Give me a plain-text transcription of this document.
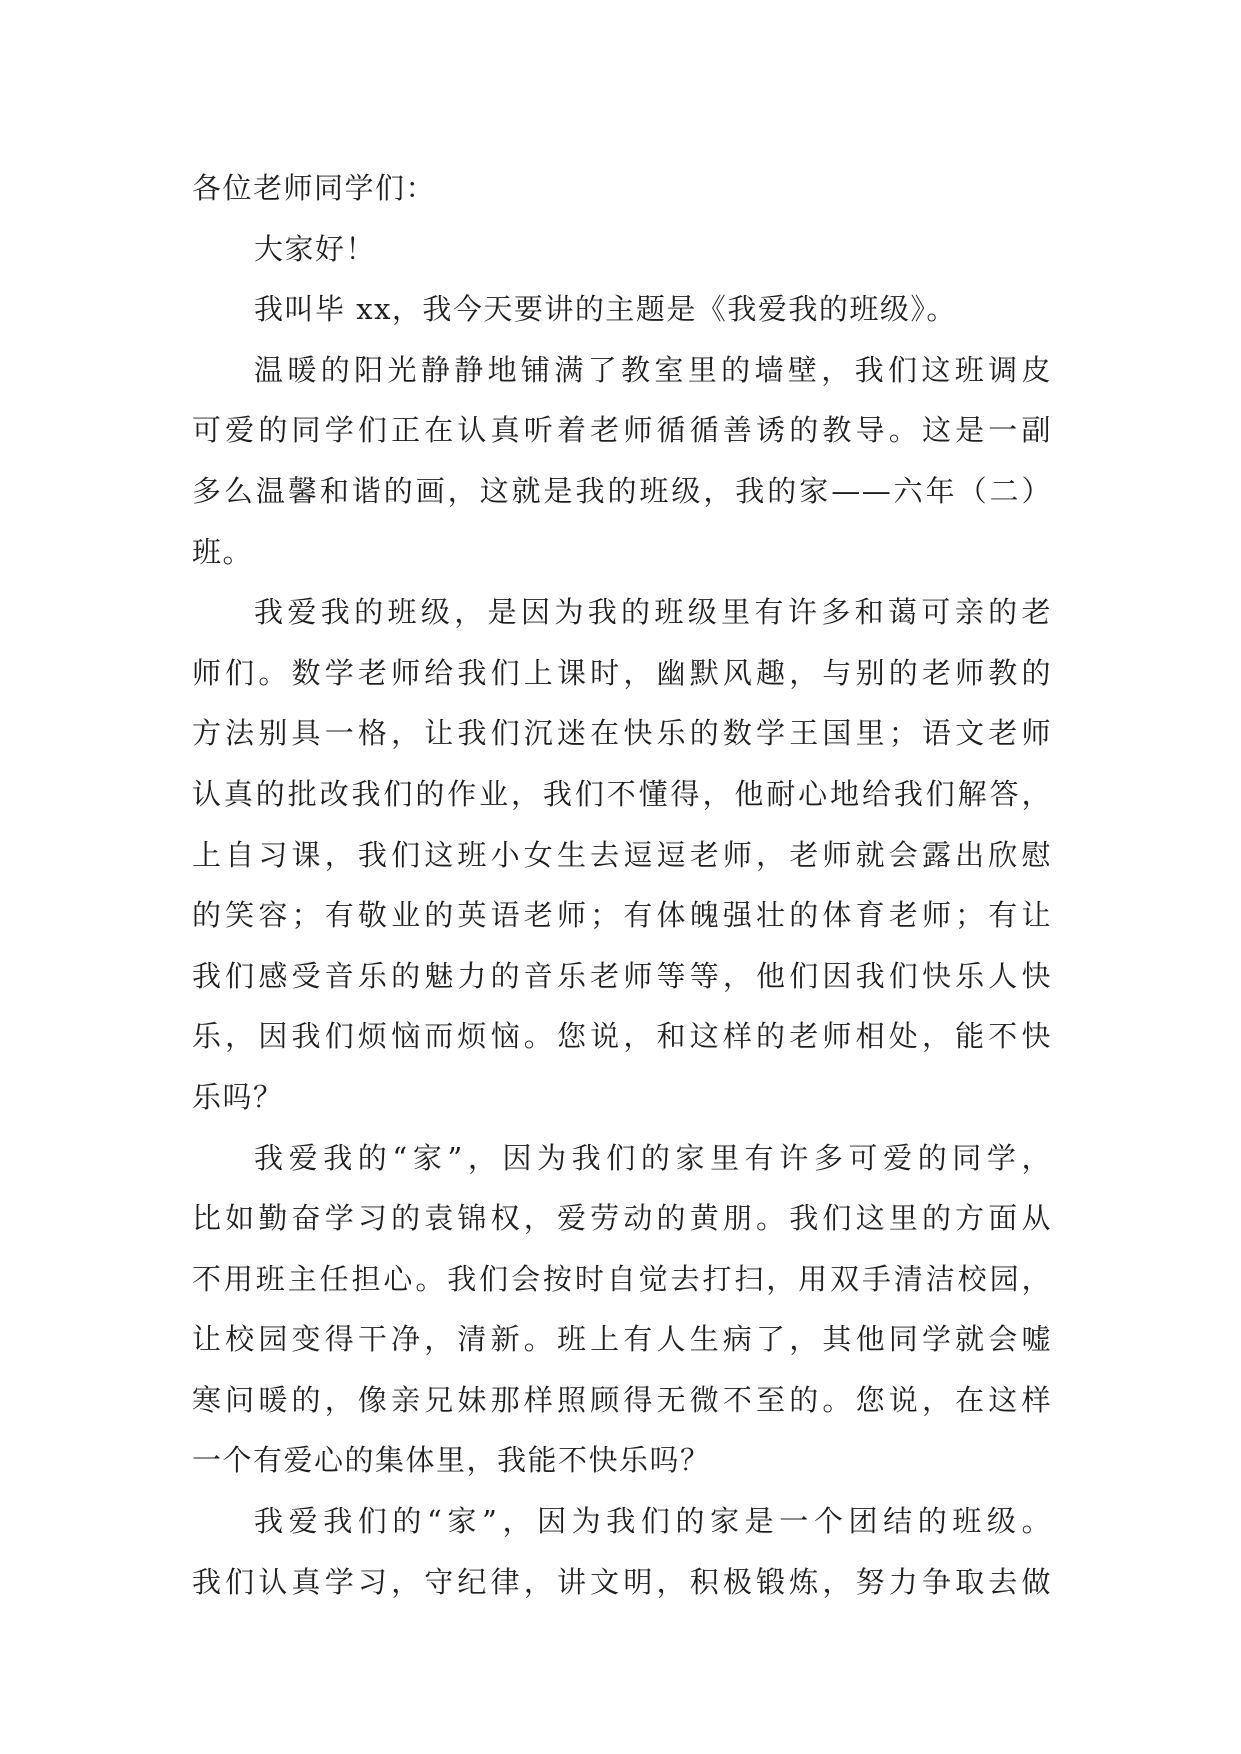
各位老师同学们：
大家好！
我叫毕 xx，我今天要讲的主题是《我爱我的班级》。
温暖的阳光静静地铺满了教室里的墙壁，我们这班调皮
可爱的同学们正在认真听着老师循循善诱的教导。这是一副
多么温馨和谐的画，这就是我的班级，我的家——六年（二）
班。
我爱我的班级，是因为我的班级里有许多和蔼可亲的老
师们。数学老师给我们上课时，幽默风趣，与别的老师教的
方法别具一格，让我们沉迷在快乐的数学王国里；语文老师
认真的批改我们的作业，我们不懂得，他耐心地给我们解答，
上自习课，我们这班小女生去逗逗老师，老师就会露出欣慰
的笑容；有敬业的英语老师；有体魄强壮的体育老师；有让
我们感受音乐的魅力的音乐老师等等，他们因我们快乐人快
乐，因我们烦恼而烦恼。您说，和这样的老师相处，能不快
乐吗？
我爱我的“家”，因为我们的家里有许多可爱的同学，
比如勤奋学习的袁锦权，爱劳动的黄朋。我们这里的方面从
不用班主任担心。我们会按时自觉去打扫，用双手清洁校园，
让校园变得干净，清新。班上有人生病了，其他同学就会嘘
寒问暖的，像亲兄妹那样照顾得无微不至的。您说，在这样
一个有爱心的集体里，我能不快乐吗？
我爱我们的“家”，因为我们的家是一个团结的班级。
我们认真学习，守纪律，讲文明，积极锻炼，努力争取去做
